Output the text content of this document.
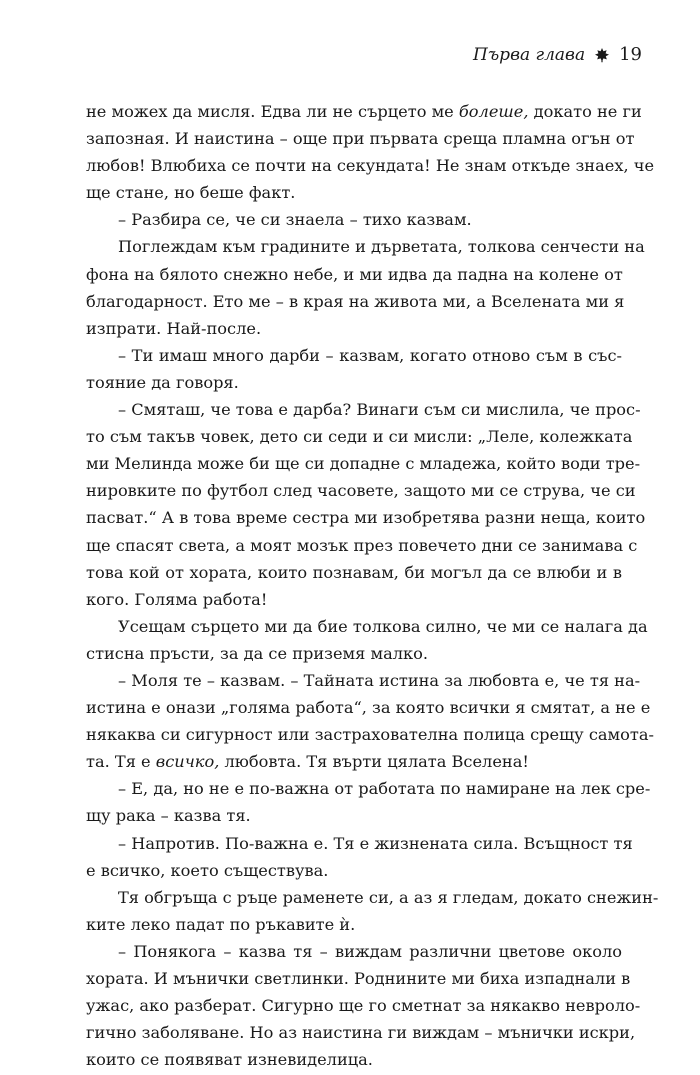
Първа глава 19
не можех да мисля. Едва ли не сърцето ме болеше, докато не ги
запозная. И наистина – още при първата среща пламна огън от
любов! Влюбиха се почти на секундата! Не знам откъде знаех, че
ще стане, но беше факт.
– Разбира се, че си знаела – тихо казвам.
Поглеждам към градините и дърветата, толкова сенчести на
фона на бялото снежно небе, и ми идва да падна на колене от
благодарност. Ето ме – в края на живота ми, а Вселената ми я
изпрати. Най-после.
– Ти имаш много дарби – казвам, когато отново съм в със-
тояние да говоря.
– Смяташ, че това е дарба? Винаги съм си мислила, че прос-
то съм такъв човек, дето си седи и си мисли: „Леле, колежката
ми Мелинда може би ще си допадне с младежа, който води тре-
нировките по футбол след часовете, защото ми се струва, че си
пасват.“ А в това време сестра ми изобретява разни неща, които
ще спасят света, а моят мозък през повечето дни се занимава с
това кой от хората, които познавам, би могъл да се влюби и в
кого. Голяма работа!
Усещам сърцето ми да бие толкова силно, че ми се налага да
стисна пръсти, за да се приземя малко.
– Моля те – казвам. – Тайната истина за любовта е, че тя на-
истина е онази „голяма работа“, за която всички я смятат, а не е
някаква си сигурност или застрахователна полица срещу самота-
та. Тя е всичко, любовта. Тя върти цялата Вселена!
– Е, да, но не е по-важна от работата по намиране на лек сре-
щу рака – казва тя.
– Напротив. По-важна е. Тя е жизнената сила. Всъщност тя
е всичко, което съществува.
Тя обгръща с ръце раменете си, а аз я гледам, докато снежин-
ките леко падат по ръкавите ѝ.
– Понякога – казва тя – виждам различни цветове около
хората. И мънички светлинки. Роднините ми биха изпаднали в
ужас, ако разберат. Сигурно ще го сметнат за някакво невроло-
гично заболяване. Но аз наистина ги виждам – мънички искри,
които се появяват изневиделица.
